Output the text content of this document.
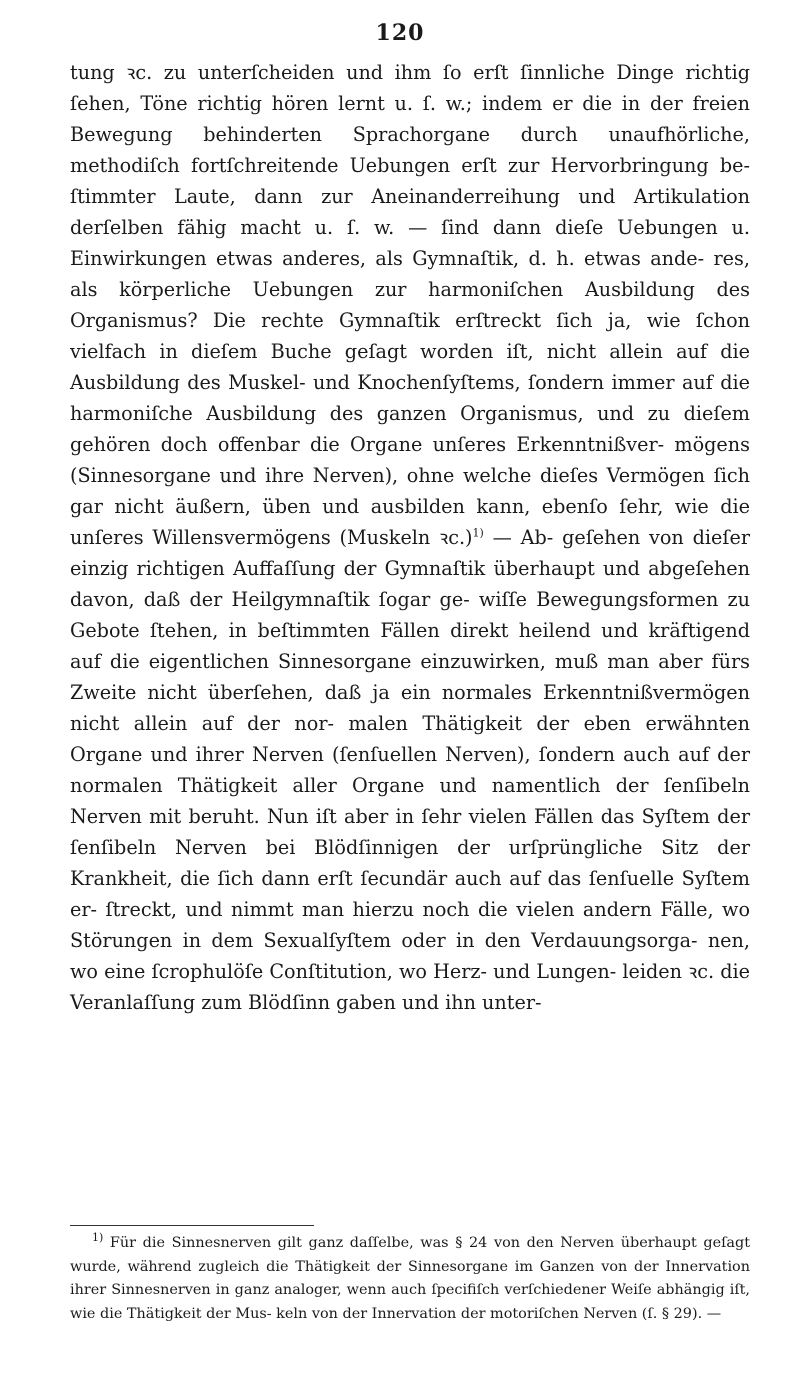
120

tung ꝛc. zu unterſcheiden und ihm ſo erſt ſinnliche Dinge richtig ſehen, Töne richtig hören lernt u. ſ. w.; indem er die in der freien Bewegung behinderten Sprachorgane durch unaufhörliche, methodiſch fortſchreitende Uebungen erſt zur Hervorbringung be- ſtimmter Laute, dann zur Aneinanderreihung und Artikulation derſelben fähig macht u. ſ. w. — ſind dann dieſe Uebungen u. Einwirkungen etwas anderes, als Gymnaſtik, d. h. etwas ande- res, als körperliche Uebungen zur harmoniſchen Ausbildung des Organismus? Die rechte Gymnaſtik erſtreckt ſich ja, wie ſchon vielfach in dieſem Buche geſagt worden iſt, nicht allein auf die Ausbildung des Muskel- und Knochenſyſtems, ſondern immer auf die harmoniſche Ausbildung des ganzen Organismus, und zu dieſem gehören doch offenbar die Organe unſeres Erkenntnißver- mögens (Sinnesorgane und ihre Nerven), ohne welche dieſes Vermögen ſich gar nicht äußern, üben und ausbilden kann, ebenſo ſehr, wie die unſeres Willensvermögens (Muskeln ꝛc.)$^{1)}$ — Ab- geſehen von dieſer einzig richtigen Auffaſſung der Gymnaſtik überhaupt und abgeſehen davon, daß der Heilgymnaſtik ſogar ge- wiſſe Bewegungsformen zu Gebote ſtehen, in beſtimmten Fällen direkt heilend und kräftigend auf die eigentlichen Sinnesorgane einzuwirken, muß man aber fürs Zweite nicht überſehen, daß ja ein normales Erkenntnißvermögen nicht allein auf der nor- malen Thätigkeit der eben erwähnten Organe und ihrer Nerven (ſenſuellen Nerven), ſondern auch auf der normalen Thätigkeit aller Organe und namentlich der ſenſibeln Nerven mit beruht. Nun iſt aber in ſehr vielen Fällen das Syſtem der ſenſibeln Nerven bei Blödſinnigen der urſprüngliche Sitz der Krankheit, die ſich dann erſt ſecundär auch auf das ſenſuelle Syſtem er- ſtreckt, und nimmt man hierzu noch die vielen andern Fälle, wo Störungen in dem Sexualſyſtem oder in den Verdauungsorga- nen, wo eine ſcrophulöſe Conſtitution, wo Herz- und Lungen- leiden ꝛc. die Veranlaſſung zum Blödſinn gaben und ihn unter-

$^{1)}$ Für die Sinnesnerven gilt ganz daſſelbe, was § 24 von den Nerven überhaupt geſagt wurde, während zugleich die Thätigkeit der Sinnesorgane im Ganzen von der Innervation ihrer Sinnesnerven in ganz analoger, wenn auch ſpecifiſch verſchiedener Weiſe abhängig iſt, wie die Thätigkeit der Mus- keln von der Innervation der motoriſchen Nerven (ſ. § 29). —
